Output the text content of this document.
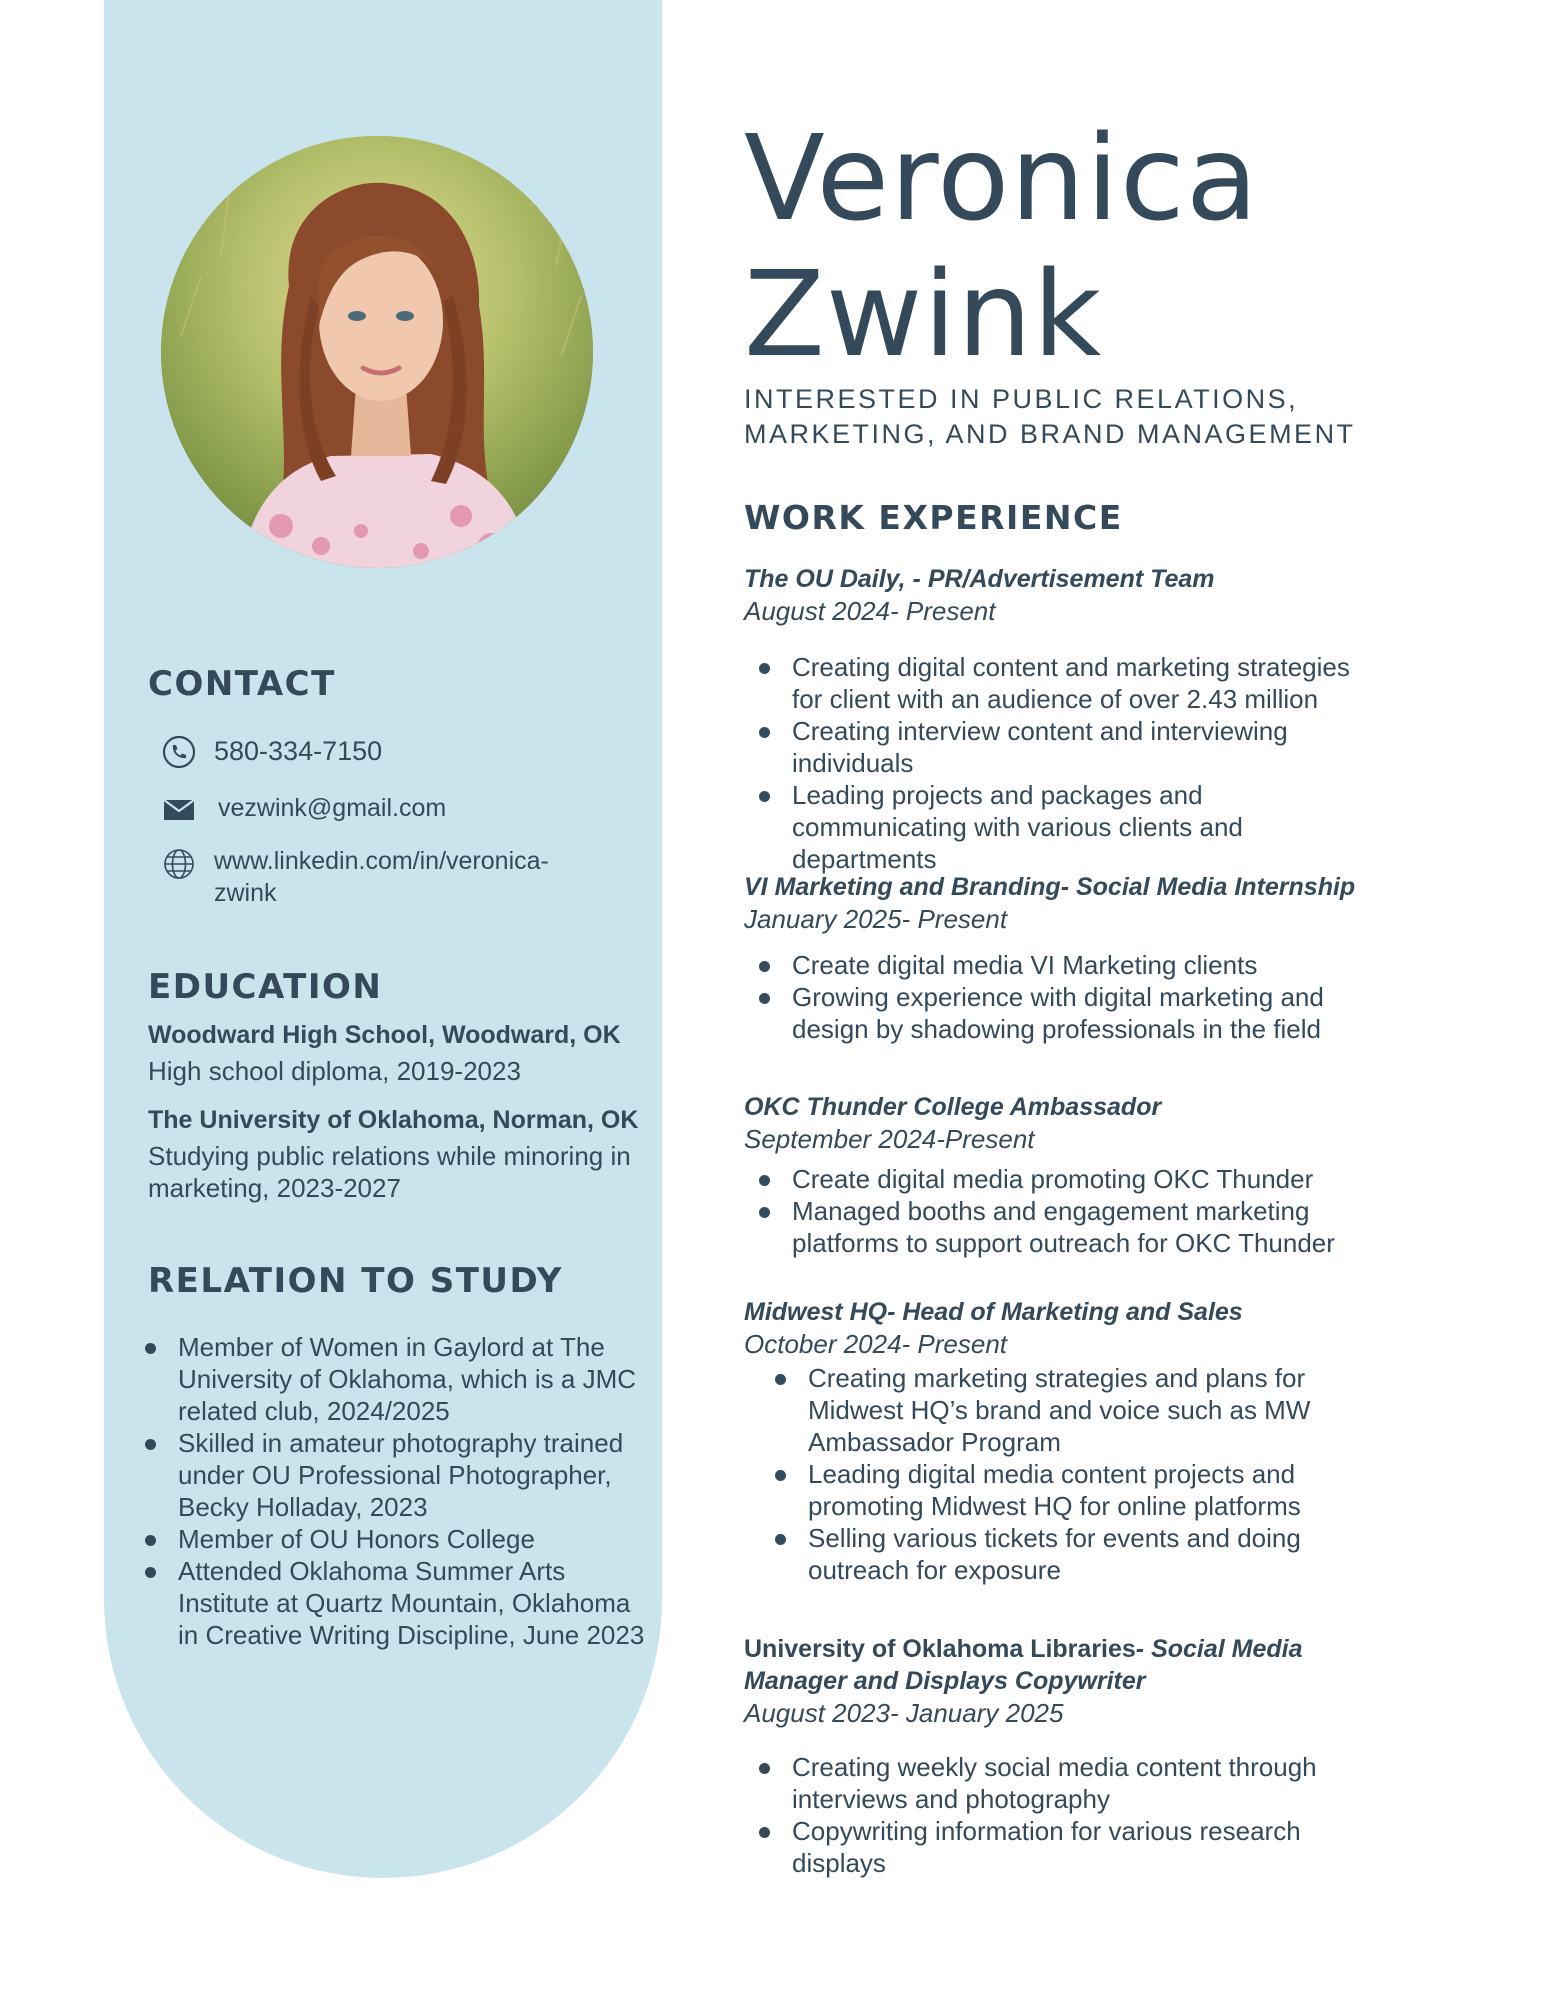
CONTACT
580-334-7150
vezwink@gmail.com
www.linkedin.com/in/veronica-
zwink
EDUCATION
Woodward High School, Woodward, OK
High school diploma, 2019-2023
The University of Oklahoma, Norman, OK
Studying public relations while minoring in marketing, 2023-2027
RELATION TO STUDY
Member of Women in Gaylord at The University of Oklahoma, which is a JMC related club, 2024/2025
Skilled in amateur photography trained under OU Professional Photographer, Becky Holladay, 2023
Member of OU Honors College
Attended Oklahoma Summer Arts Institute at Quartz Mountain, Oklahoma in Creative Writing Discipline, June 2023
Veronica
Zwink
INTERESTED IN PUBLIC RELATIONS,
MARKETING, AND BRAND MANAGEMENT
WORK EXPERIENCE
The OU Daily, - PR/Advertisement Team
August 2024- Present
Creating digital content and marketing strategies for client with an audience of over 2.43 million
Creating interview content and interviewing individuals
Leading projects and packages and communicating with various clients and departments
VI Marketing and Branding- Social Media Internship
January 2025- Present
Create digital media VI Marketing clients
Growing experience with digital marketing and design by shadowing professionals in the field
OKC Thunder College Ambassador
September 2024-Present
Create digital media promoting OKC Thunder
Managed booths and engagement marketing platforms to support outreach for OKC Thunder
Midwest HQ- Head of Marketing and Sales
October 2024- Present
Creating marketing strategies and plans for Midwest HQ’s brand and voice such as MW Ambassador Program
Leading digital media content projects and promoting Midwest HQ for online platforms
Selling various tickets for events and doing outreach for exposure
University of Oklahoma Libraries- Social Media Manager and Displays Copywriter
August 2023- January 2025
Creating weekly social media content through interviews and photography
Copywriting information for various research displays
